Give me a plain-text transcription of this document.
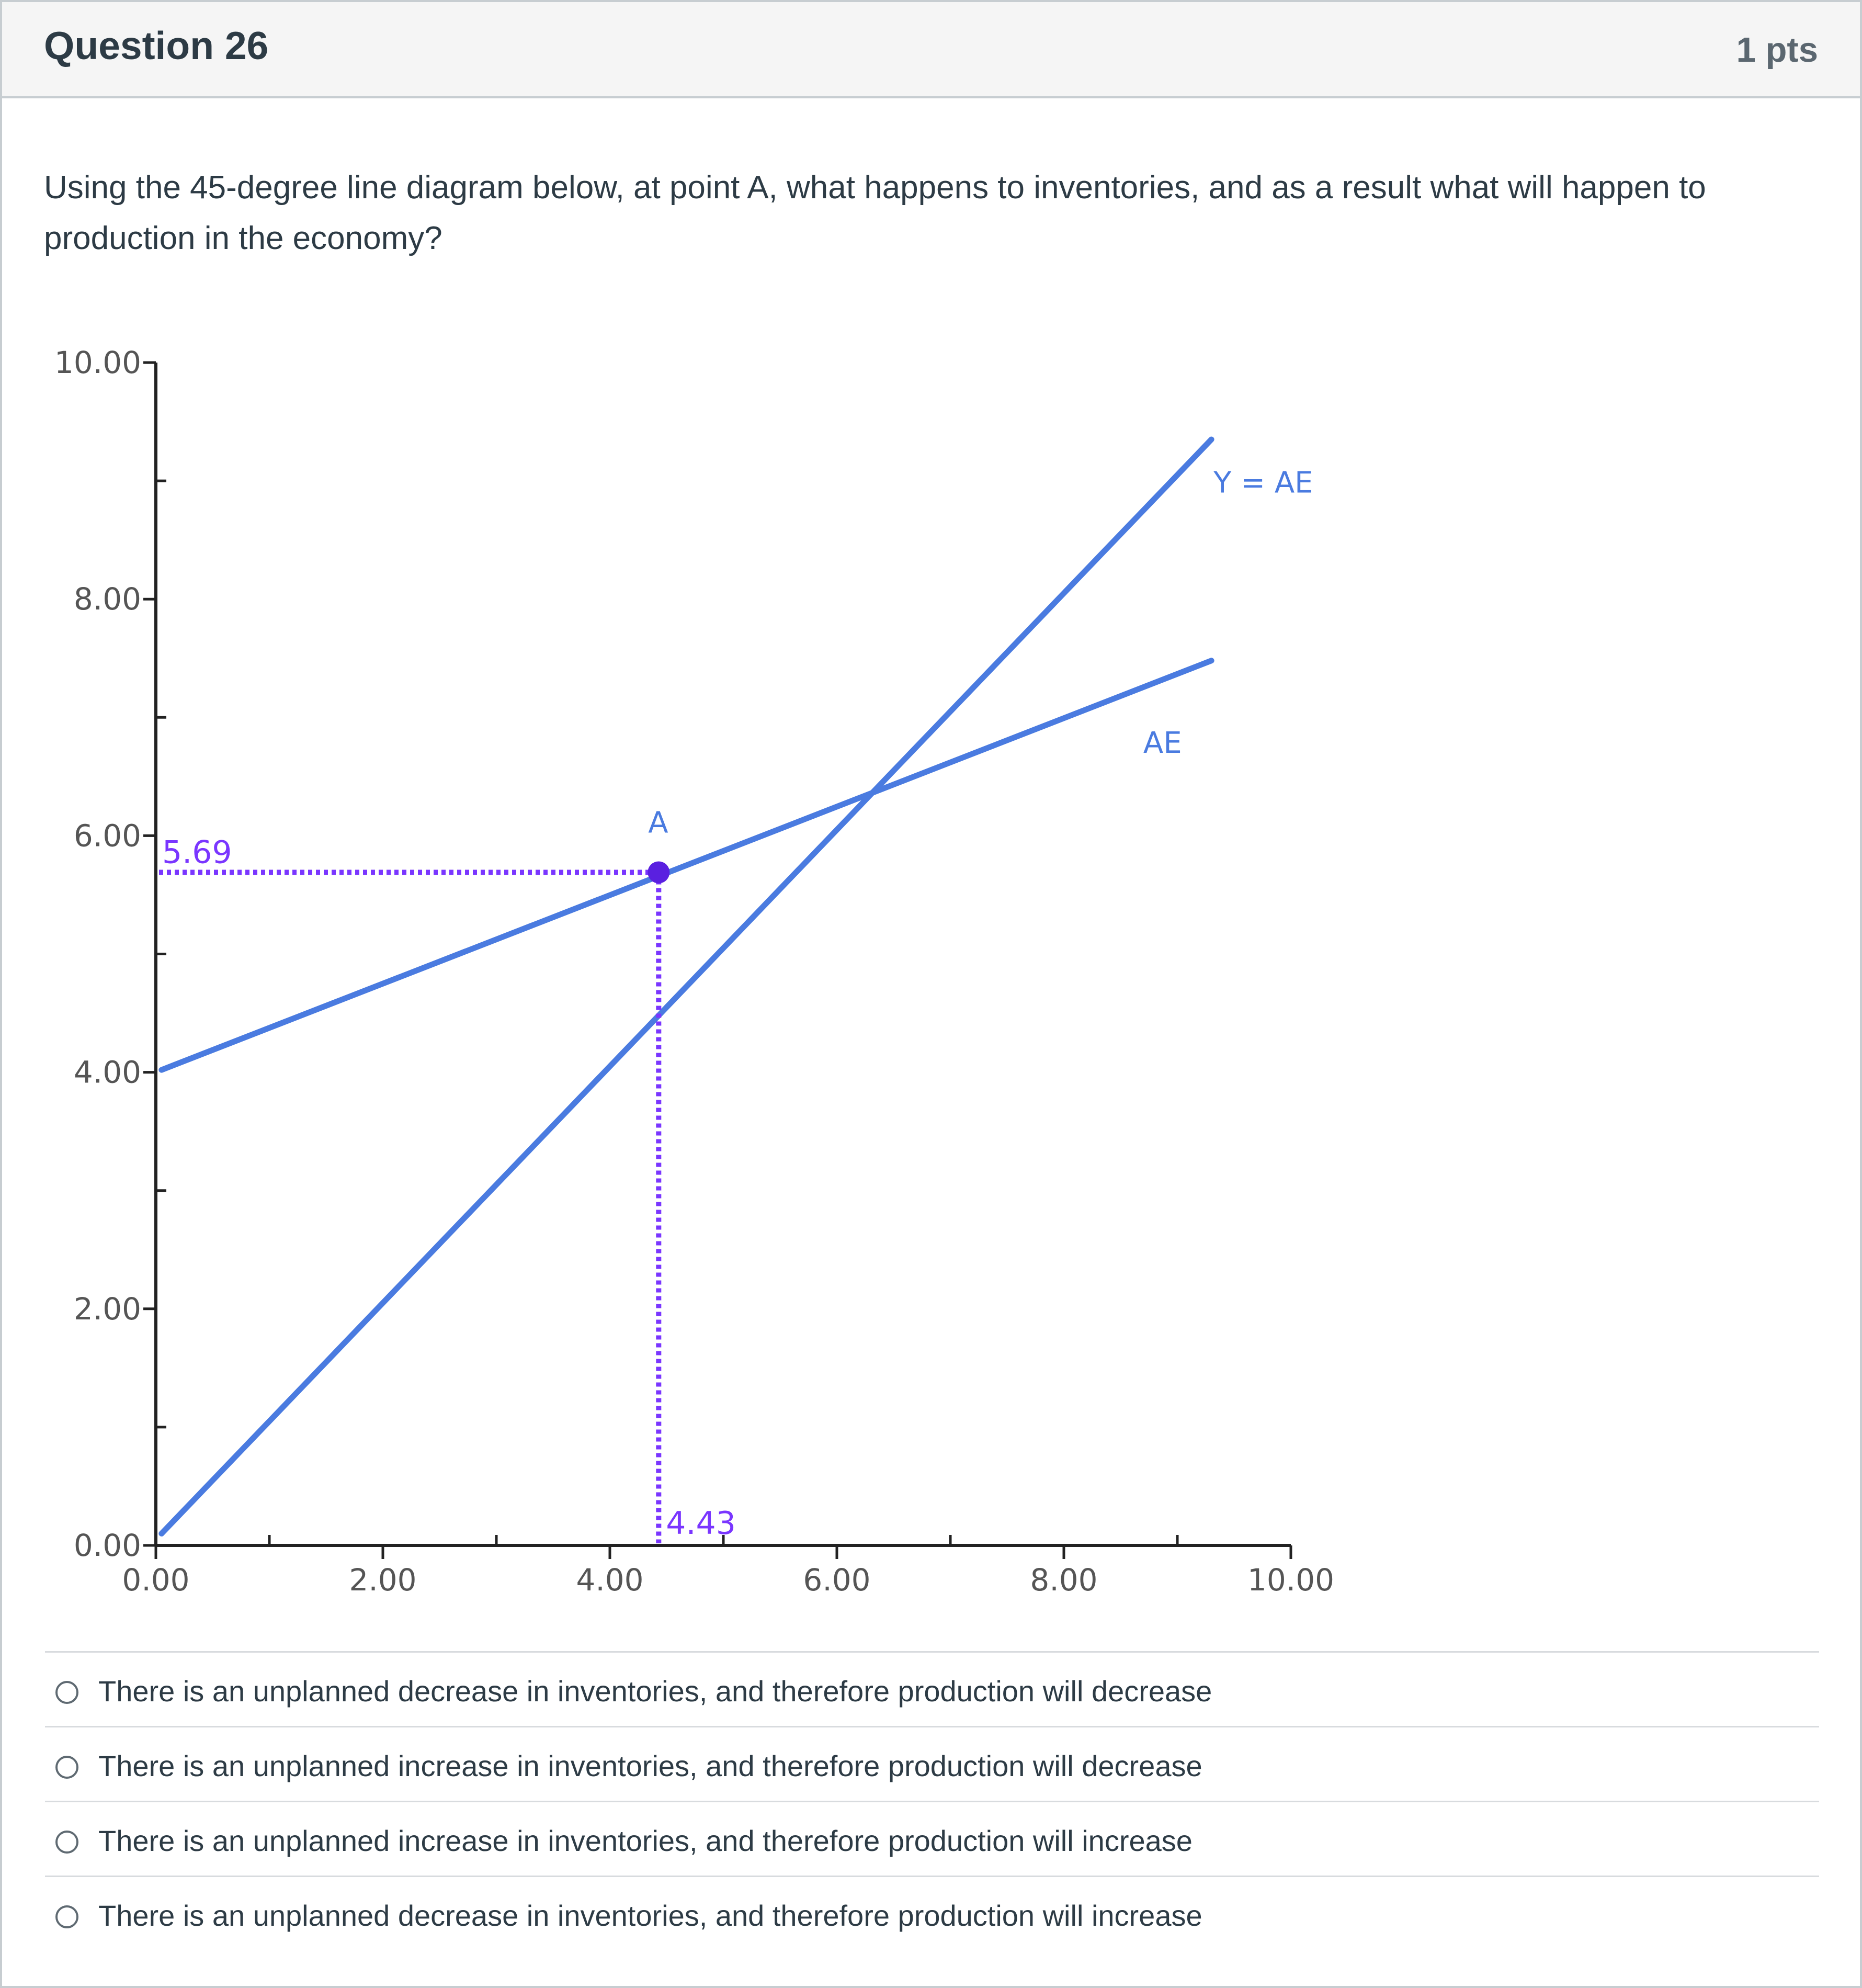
Question 26	1 pts
Using the 45-degree line diagram below, at point A, what happens to inventories, and as a result what will happen to production in the economy?
0.00
2.00
4.00
6.00
8.00
10.00
0.00	2.00	4.00	6.00	8.00	10.00
Y = AE
AE
A
5.69
4.43
There is an unplanned decrease in inventories, and therefore production will decrease
There is an unplanned increase in inventories, and therefore production will decrease
There is an unplanned increase in inventories, and therefore production will increase
There is an unplanned decrease in inventories, and therefore production will increase
